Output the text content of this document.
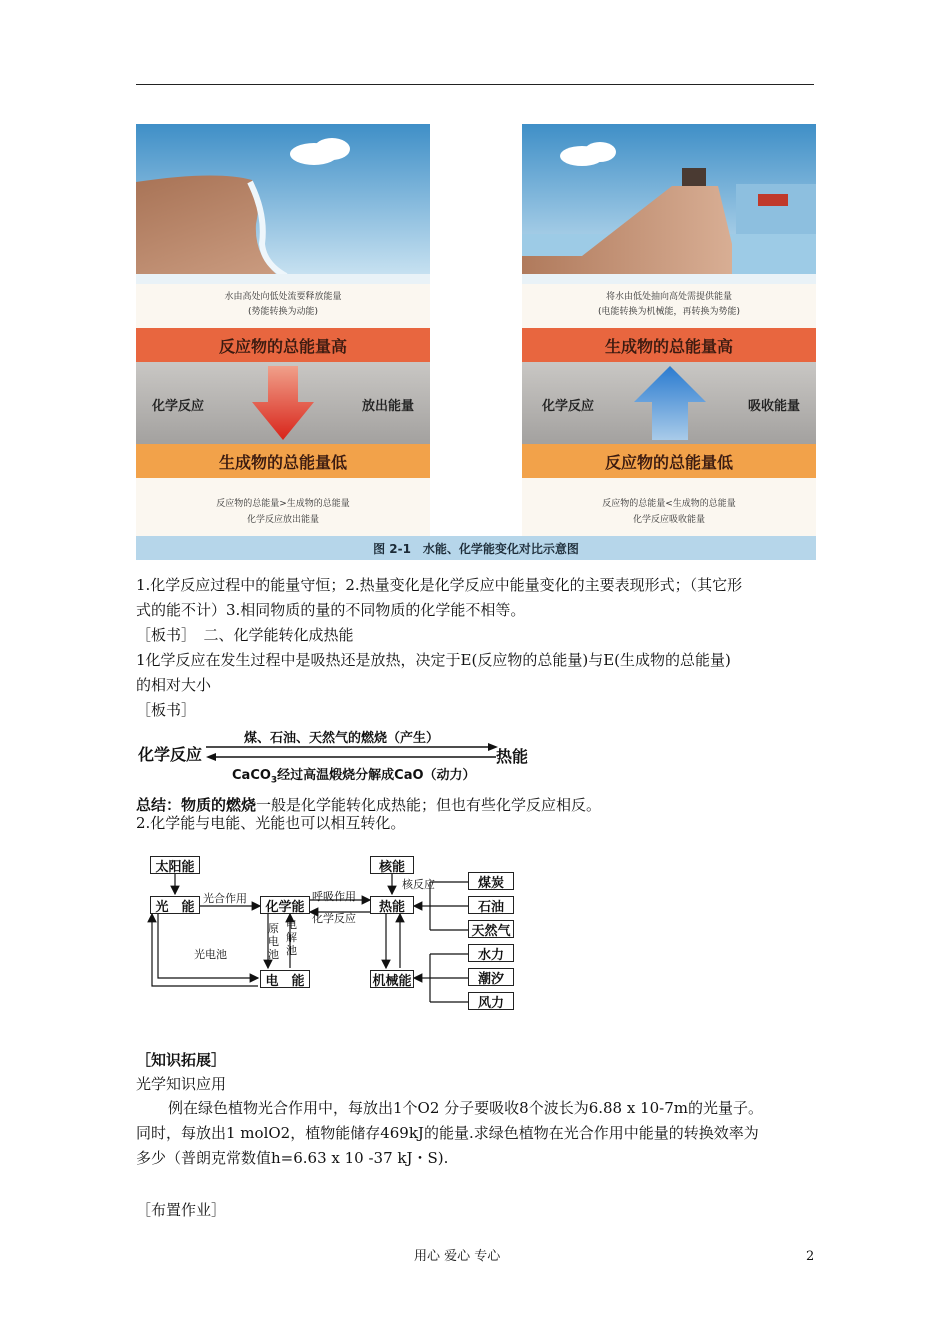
水由高处向低处流要释放能量
(势能转换为动能)
将水由低处抽向高处需提供能量
(电能转换为机械能，再转换为势能)
反应物的总能量高
化学反应	放出能量
生成物的总能量低
反应物的总能量>生成物的总能量
化学反应放出能量
生成物的总能量高
化学反应	吸收能量
反应物的总能量低
反应物的总能量<生成物的总能量
化学反应吸收能量
图 2-1　水能、化学能变化对比示意图
1.化学反应过程中的能量守恒；2.热量变化是化学反应中能量变化的主要表现形式；（其它形
式的能不计）3.相同物质的量的不同物质的化学能不相等。
［板书］　二、化学能转化成热能
1化学反应在发生过程中是吸热还是放热，决定于E(反应物的总能量)与E(生成物的总能量)
的相对大小
［板书］
化学反应	热能
煤、石油、天然气的燃烧（产生）
CaCO$_3$经过高温煅烧分解成CaO（动力）
总结：物质的燃烧一般是化学能转化成热能；但也有些化学反应相反。
2.化学能与电能、光能也可以相互转化。
太阳能
光　能	化学能
核能
热能
电　能	机械能
煤炭
石油
天然气
水力
潮汐
风力
光合作用	呼吸作用
化学反应
核反应
光电池
原电池
电解池
［知识拓展］
光学知识应用
例在绿色植物光合作用中，每放出1个O2 分子要吸收8个波长为6.88 x 10-7m的光量子。
同时，每放出1 molO2，植物能储存469kJ的能量.求绿色植物在光合作用中能量的转换效率为
多少（普朗克常数值h=6.63 x 10 -37 kJ・S).
［布置作业］
用心 爱心 专心	2
